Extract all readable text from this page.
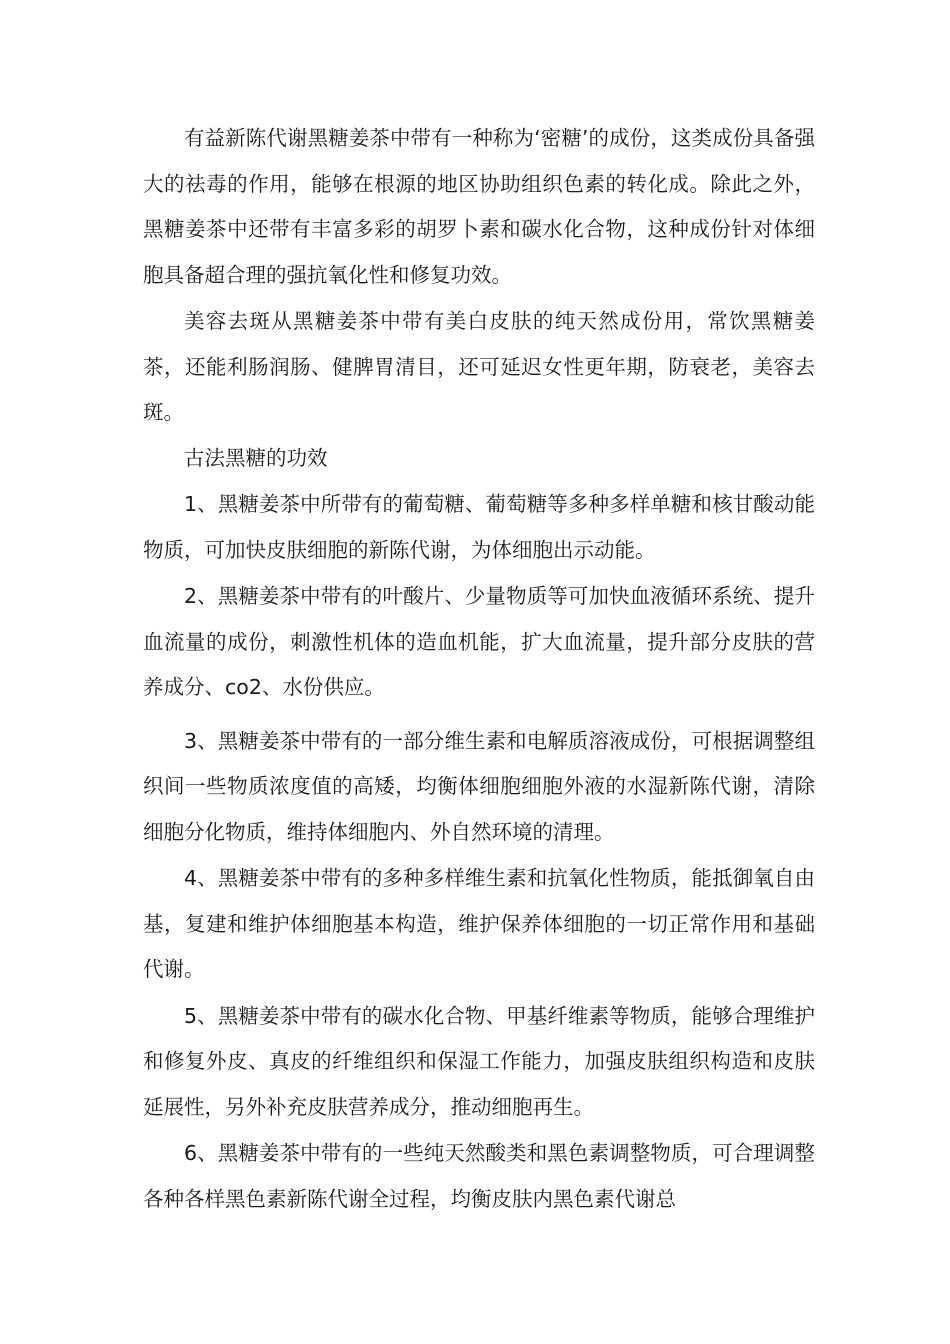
有益新陈代谢黑糖姜茶中带有一种称为‘密糖’的成份，这类成份具备强大的祛毒的作用，能够在根源的地区协助组织色素的转化成。除此之外，黑糖姜茶中还带有丰富多彩的胡罗卜素和碳水化合物，这种成份针对体细胞具备超合理的强抗氧化性和修复功效。

美容去斑从黑糖姜茶中带有美白皮肤的纯天然成份用，常饮黑糖姜茶，还能利肠润肠、健脾胃清目，还可延迟女性更年期，防衰老，美容去斑。

古法黑糖的功效

1、黑糖姜茶中所带有的葡萄糖、葡萄糖等多种多样单糖和核甘酸动能物质，可加快皮肤细胞的新陈代谢，为体细胞出示动能。

2、黑糖姜茶中带有的叶酸片、少量物质等可加快血液循环系统、提升血流量的成份，刺激性机体的造血机能，扩大血流量，提升部分皮肤的营养成分、co2、水份供应。

3、黑糖姜茶中带有的一部分维生素和电解质溶液成份，可根据调整组织间一些物质浓度值的高矮，均衡体细胞细胞外液的水湿新陈代谢，清除细胞分化物质，维持体细胞内、外自然环境的清理。

4、黑糖姜茶中带有的多种多样维生素和抗氧化性物质，能抵御氧自由基，复建和维护体细胞基本构造，维护保养体细胞的一切正常作用和基础代谢。

5、黑糖姜茶中带有的碳水化合物、甲基纤维素等物质，能够合理维护和修复外皮、真皮的纤维组织和保湿工作能力，加强皮肤组织构造和皮肤延展性，另外补充皮肤营养成分，推动细胞再生。

6、黑糖姜茶中带有的一些纯天然酸类和黑色素调整物质，可合理调整各种各样黑色素新陈代谢全过程，均衡皮肤内黑色素代谢总
